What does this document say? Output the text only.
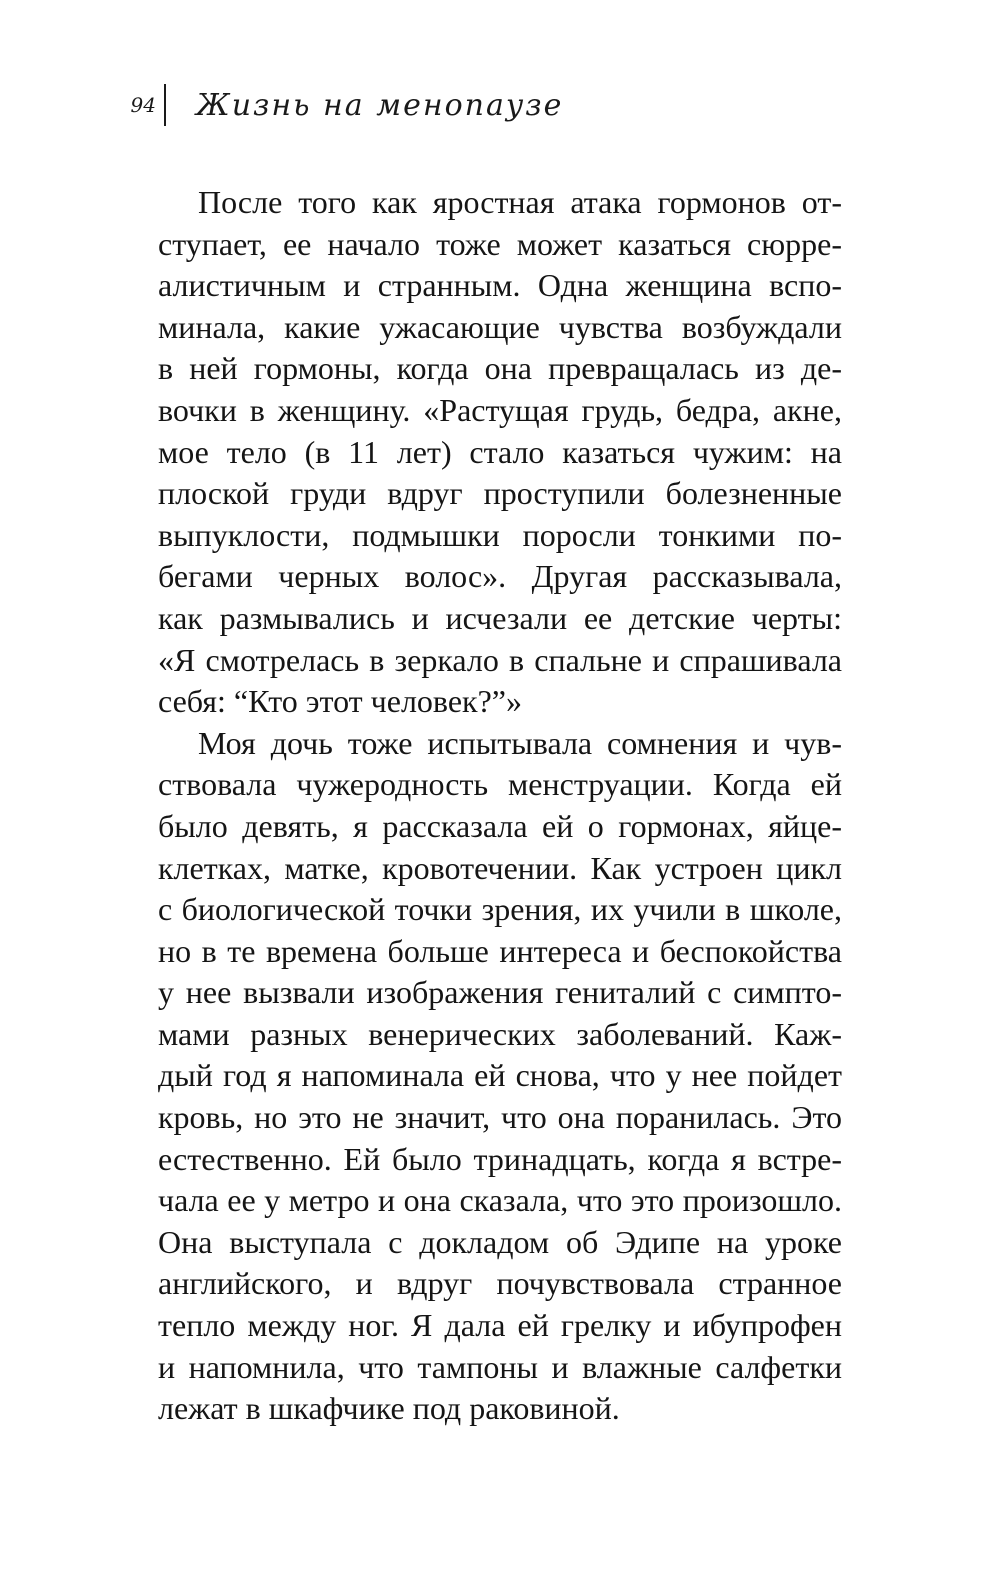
94 Жизнь на менопаузе
После того как яростная атака гормонов от-
ступает, ее начало тоже может казаться сюрре-
алистичным и странным. Одна женщина вспо-
минала, какие ужасающие чувства возбуждали
в ней гормоны, когда она превращалась из де-
вочки в женщину. «Растущая грудь, бедра, акне,
мое тело (в 11 лет) стало казаться чужим: на
плоской груди вдруг проступили болезненные
выпуклости, подмышки поросли тонкими по-
бегами черных волос». Другая рассказывала,
как размывались и исчезали ее детские черты:
«Я смотрелась в зеркало в спальне и спрашивала
себя: “Кто этот человек?”»
Моя дочь тоже испытывала сомнения и чув-
ствовала чужеродность менструации. Когда ей
было девять, я рассказала ей о гормонах, яйце-
клетках, матке, кровотечении. Как устроен цикл
с биологической точки зрения, их учили в школе,
но в те времена больше интереса и беспокойства
у нее вызвали изображения гениталий с симпто-
мами разных венерических заболеваний. Каж-
дый год я напоминала ей снова, что у нее пойдет
кровь, но это не значит, что она поранилась. Это
естественно. Ей было тринадцать, когда я встре-
чала ее у метро и она сказала, что это произошло.
Она выступала с докладом об Эдипе на уроке
английского, и вдруг почувствовала странное
тепло между ног. Я дала ей грелку и ибупрофен
и напомнила, что тампоны и влажные салфетки
лежат в шкафчике под раковиной.
